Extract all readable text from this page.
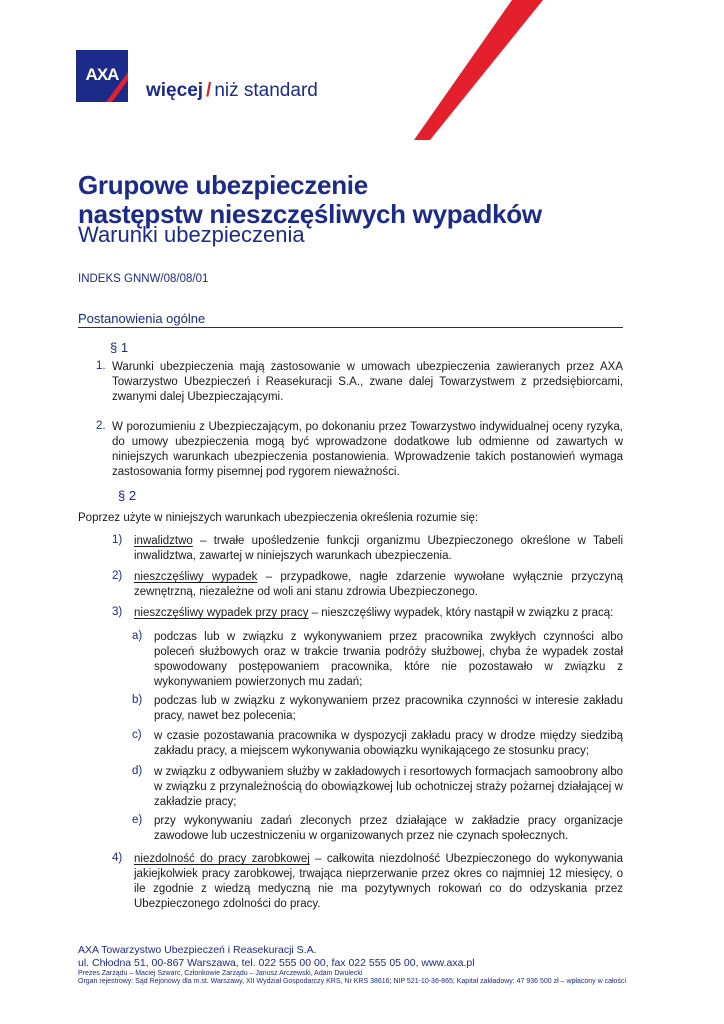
AXA
więcej / niż standard
Grupowe ubezpieczenie
następstw nieszczęśliwych wypadków
Warunki ubezpieczenia
INDEKS GNNW/08/08/01
Postanowienia ogólne
§ 1
1. Warunki ubezpieczenia mają zastosowanie w umowach ubezpieczenia zawieranych przez AXA Towarzystwo Ubezpieczeń i Reasekuracji S.A., zwane dalej Towarzystwem z przedsiębiorcami, zwanymi dalej Ubezpieczającymi.
2. W porozumieniu z Ubezpieczającym, po dokonaniu przez Towarzystwo indywidualnej oceny ryzyka, do umowy ubezpieczenia mogą być wprowadzone dodatkowe lub odmienne od zawartych w niniejszych warunkach ubezpieczenia postanowienia. Wprowadzenie takich postanowień wymaga zastosowania formy pisemnej pod rygorem nieważności.
§ 2
Poprzez użyte w niniejszych warunkach ubezpieczenia określenia rozumie się:
1) inwalidztwo – trwałe upośledzenie funkcji organizmu Ubezpieczonego określone w Tabeli inwalidztwa, zawartej w niniejszych warunkach ubezpieczenia.
2) nieszczęśliwy wypadek – przypadkowe, nagłe zdarzenie wywołane wyłącznie przyczyną zewnętrzną, niezależne od woli ani stanu zdrowia Ubezpieczonego.
3) nieszczęśliwy wypadek przy pracy – nieszczęśliwy wypadek, który nastąpił w związku z pracą:
a) podczas lub w związku z wykonywaniem przez pracownika zwykłych czynności albo poleceń służbowych oraz w trakcie trwania podróży służbowej, chyba że wypadek został spowodowany postępowaniem pracownika, które nie pozostawało w związku z wykonywaniem powierzonych mu zadań;
b) podczas lub w związku z wykonywaniem przez pracownika czynności w interesie zakładu pracy, nawet bez polecenia;
c) w czasie pozostawania pracownika w dyspozycji zakładu pracy w drodze między siedzibą zakładu pracy, a miejscem wykonywania obowiązku wynikającego ze stosunku pracy;
d) w związku z odbywaniem służby w zakładowych i resortowych formacjach samoobrony albo w związku z przynależnością do obowiązkowej lub ochotniczej straży pożarnej działającej w zakładzie pracy;
e) przy wykonywaniu zadań zleconych przez działające w zakładzie pracy organizacje zawodowe lub uczestniczeniu w organizowanych przez nie czynach społecznych.
4) niezdolność do pracy zarobkowej – całkowita niezdolność Ubezpieczonego do wykonywania jakiejkolwiek pracy zarobkowej, trwająca nieprzerwanie przez okres co najmniej 12 miesięcy, o ile zgodnie z wiedzą medyczną nie ma pozytywnych rokowań co do odzyskania przez Ubezpieczonego zdolności do pracy.
AXA Towarzystwo Ubezpieczeń i Reasekuracji S.A.
ul. Chłodna 51, 00-867 Warszawa, tel. 022 555 00 00, fax 022 555 05 00, www.axa.pl
Prezes Zarządu – Maciej Szwarc, Członkowie Zarządu – Janusz Arczewski, Adam Dwulecki
Organ rejestrowy: Sąd Rejonowy dla m.st. Warszawy, XII Wydział Gospodarczy KRS, Nr KRS 38616; NIP 521-10-36-865; Kapitał zakładowy: 47 936 500 zł – wpłacony w całości
